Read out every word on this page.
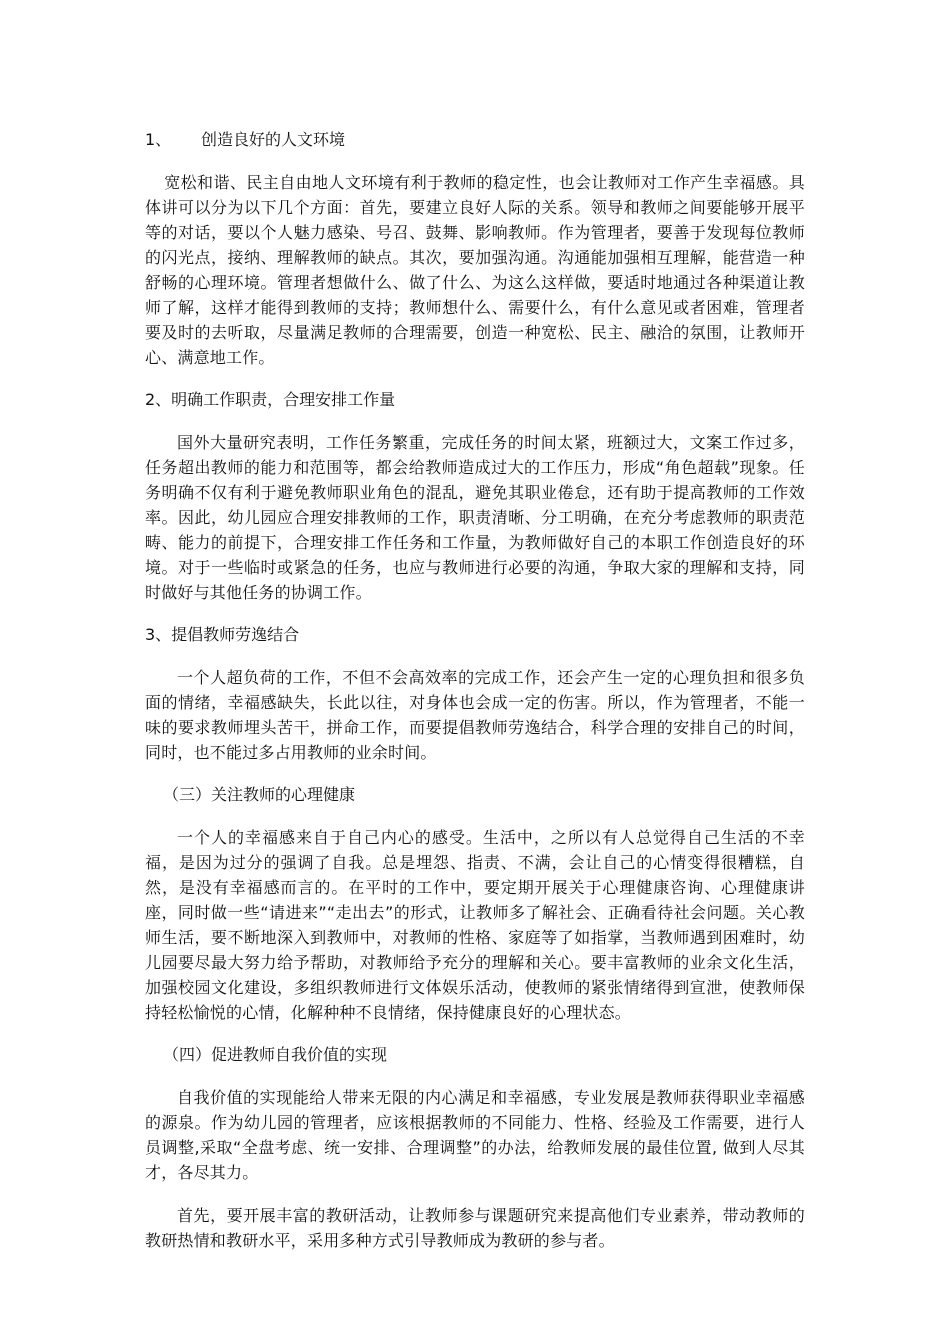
1、 创造良好的人文环境

宽松和谐、民主自由地人文环境有利于教师的稳定性，也会让教师对工作产生幸福感。具体讲可以分为以下几个方面：首先，要建立良好人际的关系。领导和教师之间要能够开展平等的对话，要以个人魅力感染、号召、鼓舞、影响教师。作为管理者，要善于发现每位教师的闪光点，接纳、理解教师的缺点。其次，要加强沟通。沟通能加强相互理解，能营造一种舒畅的心理环境。管理者想做什么、做了什么、为这么这样做，要适时地通过各种渠道让教师了解，这样才能得到教师的支持；教师想什么、需要什么，有什么意见或者困难，管理者要及时的去听取，尽量满足教师的合理需要，创造一种宽松、民主、融洽的氛围，让教师开心、满意地工作。

2、明确工作职责，合理安排工作量

国外大量研究表明，工作任务繁重，完成任务的时间太紧，班额过大，文案工作过多，任务超出教师的能力和范围等，都会给教师造成过大的工作压力，形成“角色超载”现象。任务明确不仅有利于避免教师职业角色的混乱，避免其职业倦怠，还有助于提高教师的工作效率。因此，幼儿园应合理安排教师的工作，职责清晰、分工明确，在充分考虑教师的职责范畴、能力的前提下，合理安排工作任务和工作量，为教师做好自己的本职工作创造良好的环境。对于一些临时或紧急的任务，也应与教师进行必要的沟通，争取大家的理解和支持，同时做好与其他任务的协调工作。

3、提倡教师劳逸结合

一个人超负荷的工作，不但不会高效率的完成工作，还会产生一定的心理负担和很多负面的情绪，幸福感缺失，长此以往，对身体也会成一定的伤害。所以，作为管理者，不能一味的要求教师埋头苦干，拼命工作，而要提倡教师劳逸结合，科学合理的安排自己的时间，同时，也不能过多占用教师的业余时间。

（三）关注教师的心理健康

一个人的幸福感来自于自己内心的感受。生活中，之所以有人总觉得自己生活的不幸福，是因为过分的强调了自我。总是埋怨、指责、不满，会让自己的心情变得很糟糕，自然，是没有幸福感而言的。在平时的工作中，要定期开展关于心理健康咨询、心理健康讲座，同时做一些“请进来”“走出去”的形式，让教师多了解社会、正确看待社会问题。关心教师生活，要不断地深入到教师中，对教师的性格、家庭等了如指掌，当教师遇到困难时，幼儿园要尽最大努力给予帮助，对教师给予充分的理解和关心。要丰富教师的业余文化生活，加强校园文化建设，多组织教师进行文体娱乐活动，使教师的紧张情绪得到宣泄，使教师保持轻松愉悦的心情，化解种种不良情绪，保持健康良好的心理状态。

（四）促进教师自我价值的实现

自我价值的实现能给人带来无限的内心满足和幸福感，专业发展是教师获得职业幸福感的源泉。作为幼儿园的管理者，应该根据教师的不同能力、性格、经验及工作需要，进行人员调整,采取“全盘考虑、统一安排、合理调整”的办法，给教师发展的最佳位置, 做到人尽其才，各尽其力。

首先，要开展丰富的教研活动，让教师参与课题研究来提高他们专业素养，带动教师的教研热情和教研水平，采用多种方式引导教师成为教研的参与者。
